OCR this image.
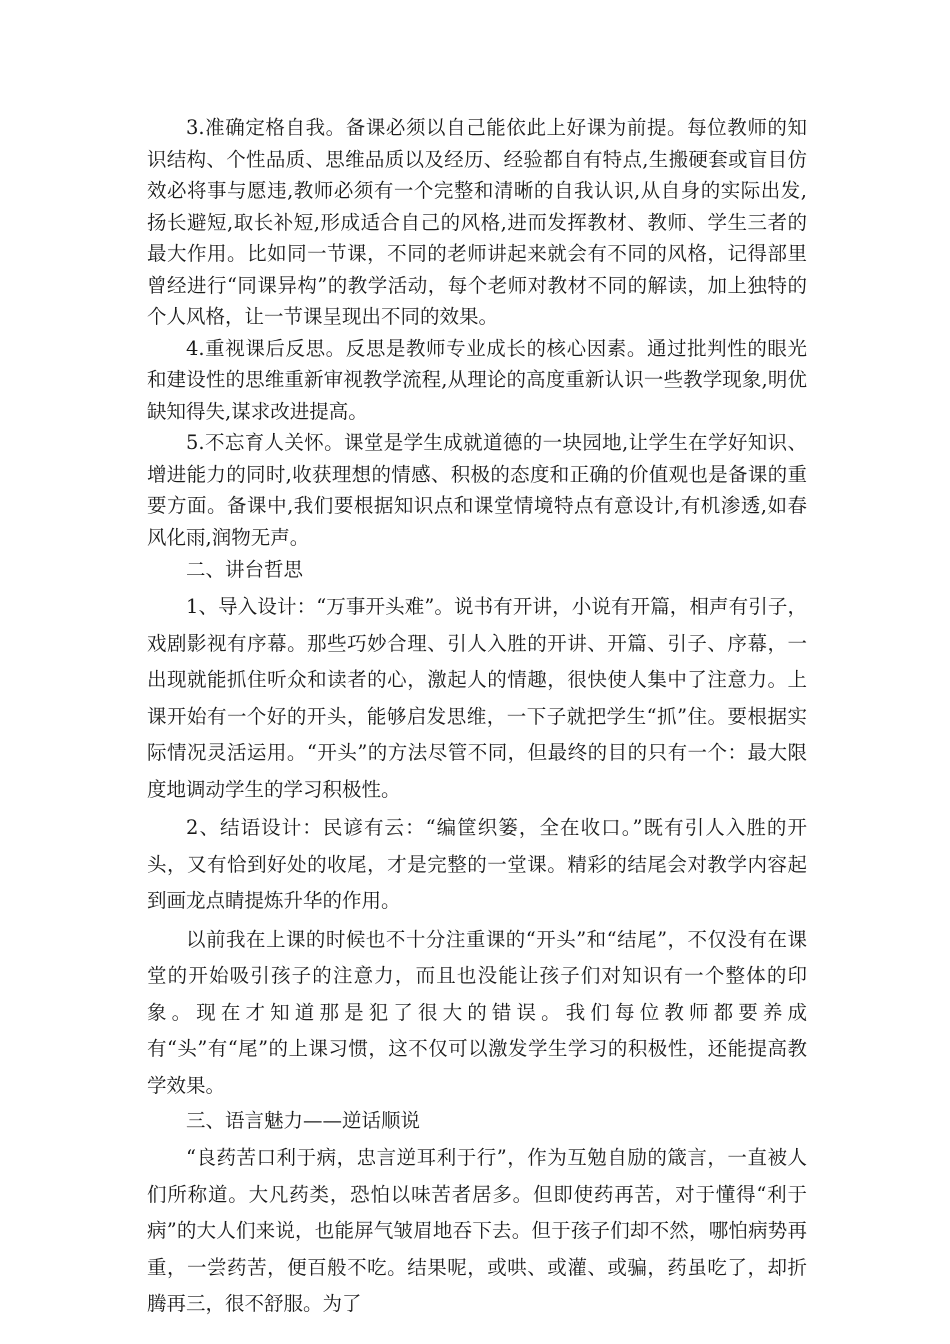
3.准确定格自我。备课必须以自己能依此上好课为前提。每位教师的知识结构、个性品质、思维品质以及经历、经验都自有特点,生搬硬套或盲目仿效必将事与愿违,教师必须有一个完整和清晰的自我认识,从自身的实际出发,扬长避短,取长补短,形成适合自己的风格,进而发挥教材、教师、学生三者的最大作用。比如同一节课，不同的老师讲起来就会有不同的风格，记得部里曾经进行“同课异构”的教学活动，每个老师对教材不同的解读，加上独特的个人风格，让一节课呈现出不同的效果。

4.重视课后反思。反思是教师专业成长的核心因素。通过批判性的眼光和建设性的思维重新审视教学流程,从理论的高度重新认识一些教学现象,明优缺知得失,谋求改进提高。

5.不忘育人关怀。课堂是学生成就道德的一块园地,让学生在学好知识、增进能力的同时,收获理想的情感、积极的态度和正确的价值观也是备课的重要方面。备课中,我们要根据知识点和课堂情境特点有意设计,有机渗透,如春风化雨,润物无声。

二、讲台哲思

1、导入设计：“万事开头难”。说书有开讲，小说有开篇，相声有引子，戏剧影视有序幕。那些巧妙合理、引人入胜的开讲、开篇、引子、序幕，一出现就能抓住听众和读者的心，激起人的情趣，很快使人集中了注意力。上课开始有一个好的开头，能够启发思维，一下子就把学生“抓”住。要根据实际情况灵活运用。“开头”的方法尽管不同，但最终的目的只有一个：最大限度地调动学生的学习积极性。

2、结语设计：民谚有云：“编筐织篓，全在收口。”既有引人入胜的开头，又有恰到好处的收尾，才是完整的一堂课。精彩的结尾会对教学内容起到画龙点睛提炼升华的作用。

以前我在上课的时候也不十分注重课的“开头”和“结尾”，不仅没有在课堂的开始吸引孩子的注意力，而且也没能让孩子们对知识有一个整体的印象。现在才知道那是犯了很大的错误。我们每位教师都要养成有“头”有“尾”的上课习惯，这不仅可以激发学生学习的积极性，还能提高教学效果。

三、语言魅力——逆话顺说

“良药苦口利于病，忠言逆耳利于行”，作为互勉自励的箴言，一直被人们所称道。大凡药类，恐怕以味苦者居多。但即使药再苦，对于懂得“利于病”的大人们来说，也能屏气皱眉地吞下去。但于孩子们却不然，哪怕病势再重，一尝药苦，便百般不吃。结果呢，或哄、或灌、或骗，药虽吃了，却折腾再三，很不舒服。为了
